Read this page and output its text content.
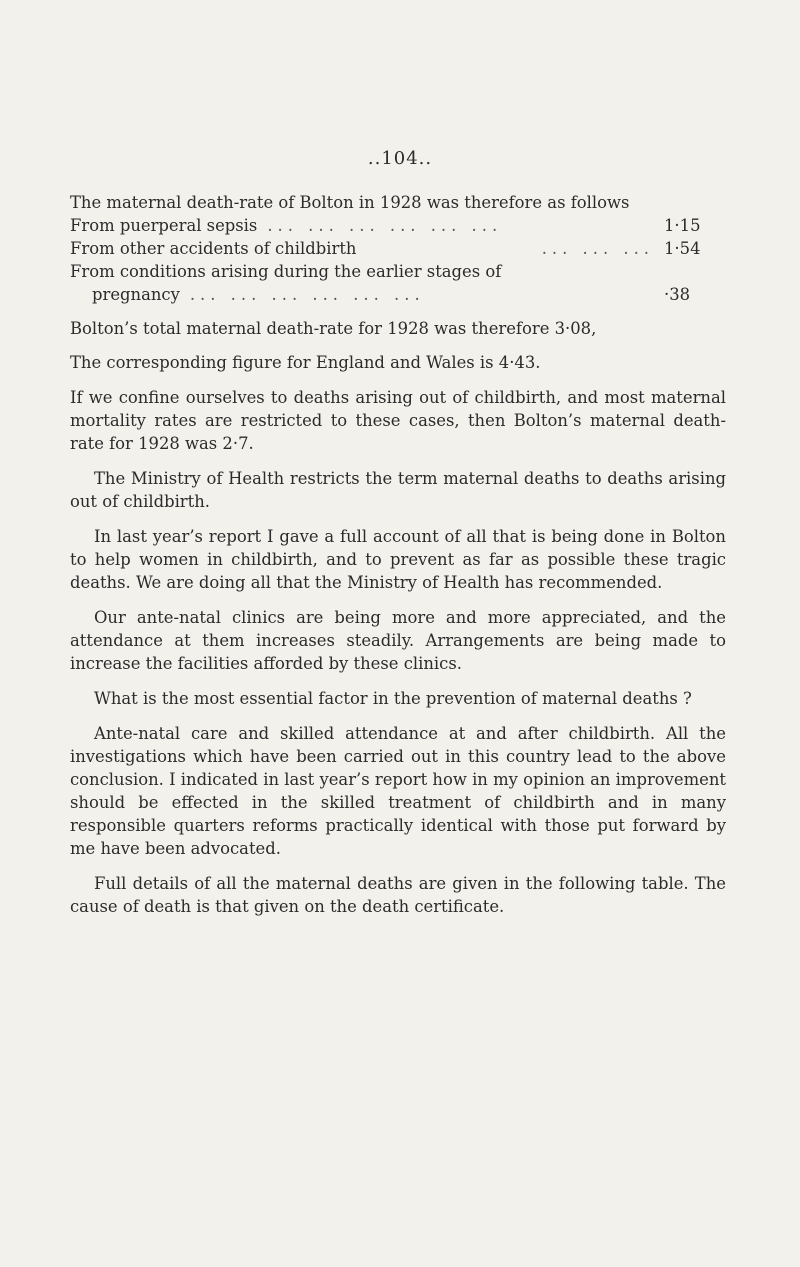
..104..

The maternal death-rate of Bolton in 1928 was therefore as follows

From puerperal sepsis ... ... ... ... ... ...	1·15
From other accidents of childbirth	... ... ... 1·54
From conditions arising during the earlier stages of
pregnancy ... ... ... ... ... ...	·38

Bolton’s total maternal death-rate for 1928 was therefore 3·08,

The corresponding figure for England and Wales is 4·43.

If we confine ourselves to deaths arising out of childbirth, and most maternal mortality rates are restricted to these cases, then Bolton’s maternal death-rate for 1928 was 2·7.

The Ministry of Health restricts the term maternal deaths to deaths arising out of childbirth.

In last year’s report I gave a full account of all that is being done in Bolton to help women in childbirth, and to prevent as far as possible these tragic deaths. We are doing all that the Ministry of Health has recommended.

Our ante-natal clinics are being more and more appreciated, and the attendance at them increases steadily. Arrangements are being made to increase the facilities afforded by these clinics.

What is the most essential factor in the prevention of maternal deaths ?

Ante-natal care and skilled attendance at and after childbirth. All the investigations which have been carried out in this country lead to the above conclusion. I indicated in last year’s report how in my opinion an improvement should be effected in the skilled treatment of childbirth and in many responsible quarters reforms practically identical with those put forward by me have been advocated.

Full details of all the maternal deaths are given in the following table. The cause of death is that given on the death certificate.
